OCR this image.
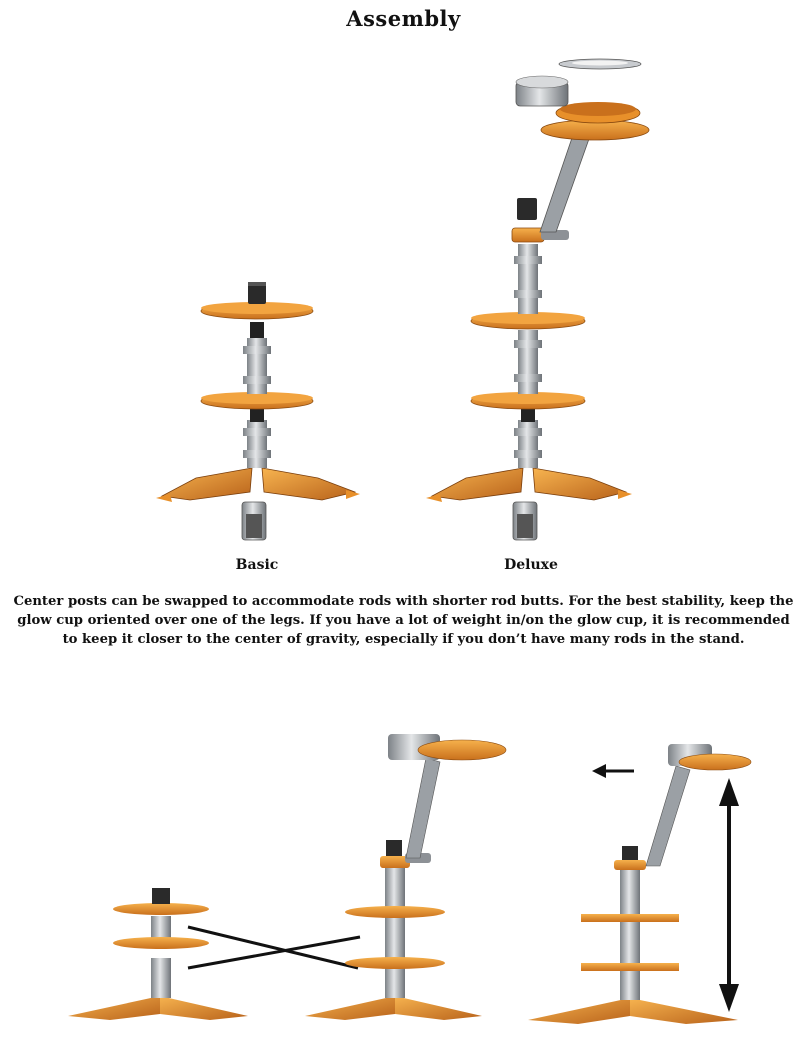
Assembly
Basic	Deluxe
Center posts can be swapped to accommodate rods with shorter rod butts. For the best stability, keep the glow cup oriented over one of the legs. If you have a lot of weight in/on the glow cup, it is recommended to keep it closer to the center of gravity, especially if you don’t have many rods in the stand.
